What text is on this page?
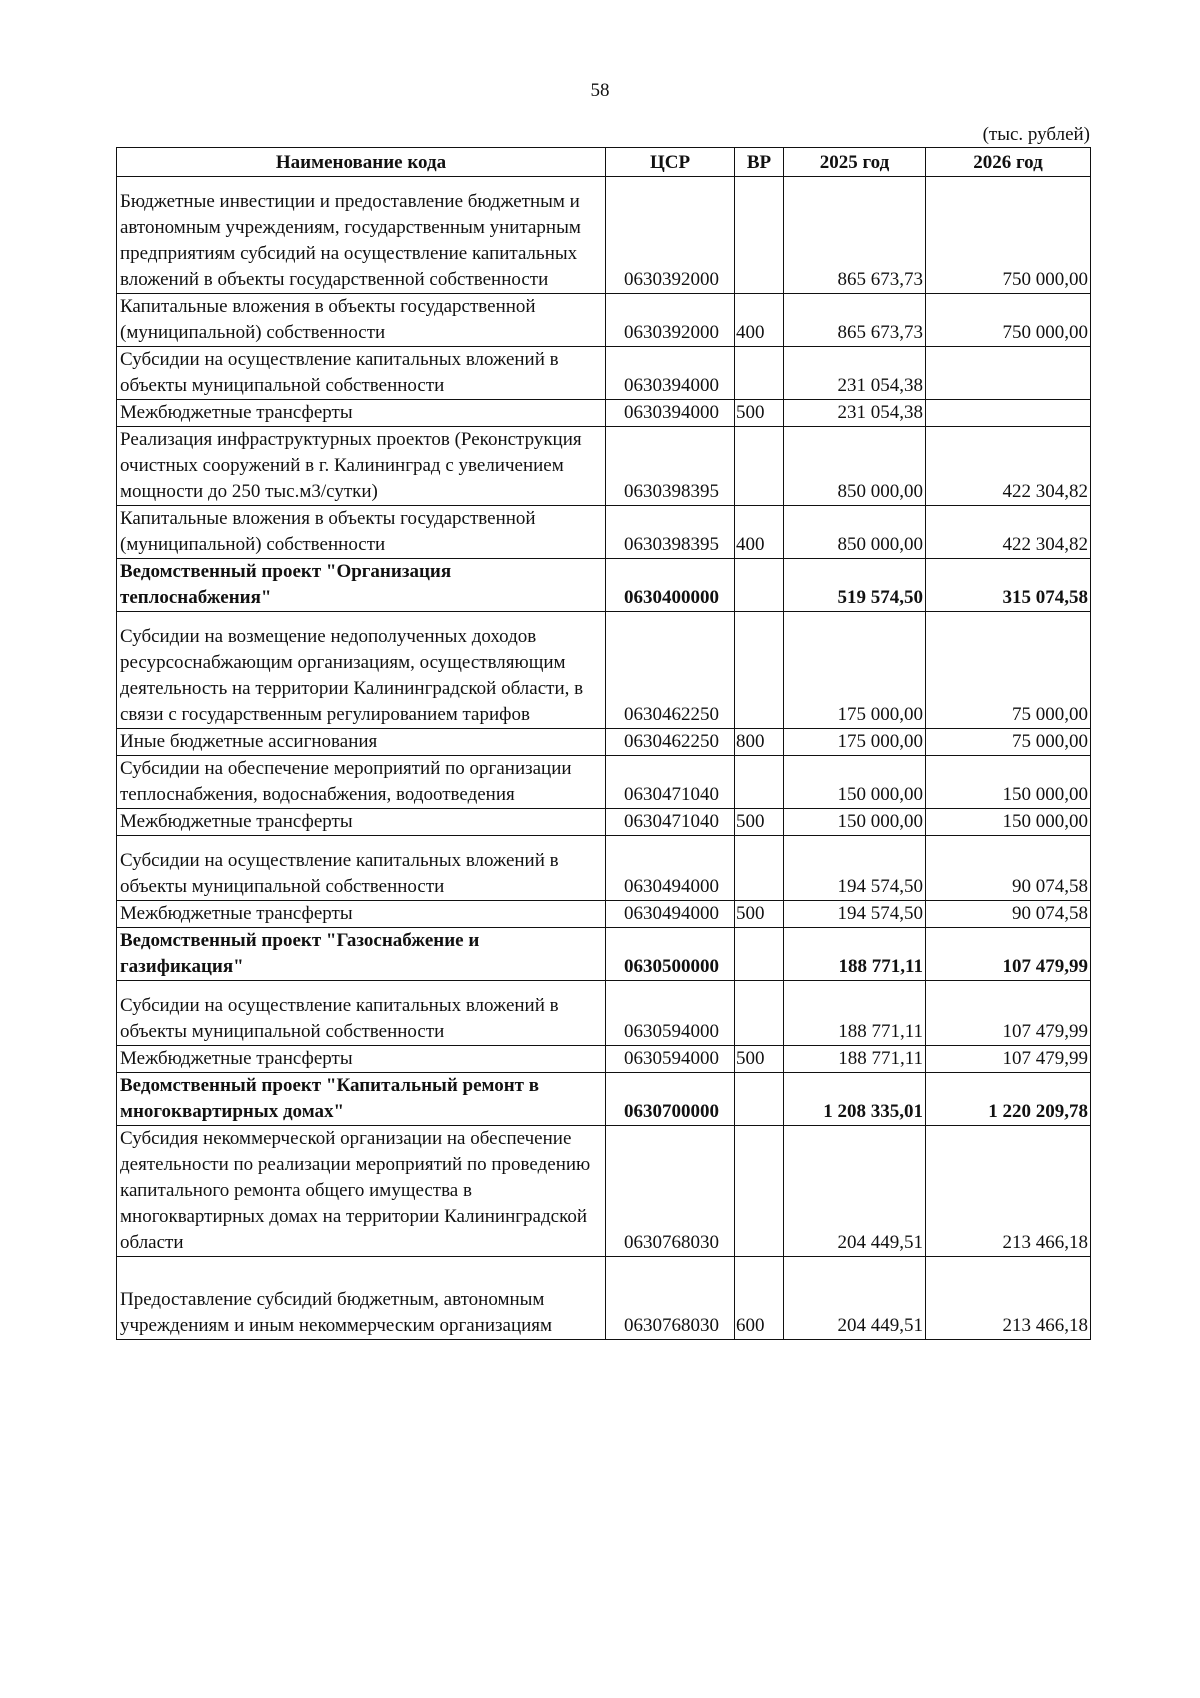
58
(тыс. рублей)
Наименование кода	ЦСР	ВР	2025 год	2026 год
Бюджетные инвестиции и предоставление бюджетным и автономным учреждениям, государственным унитарным предприятиям субсидий на осуществление капитальных вложений в объекты государственной собственности	0630392000		865 673,73	750 000,00
Капитальные вложения в объекты государственной (муниципальной) собственности	0630392000	400	865 673,73	750 000,00
Субсидии на осуществление капитальных вложений в объекты муниципальной собственности	0630394000		231 054,38	
Межбюджетные трансферты	0630394000	500	231 054,38	
Реализация инфраструктурных проектов (Реконструкция очистных сооружений в г. Калининград с увеличением мощности до 250 тыс.м3/сутки)	0630398395		850 000,00	422 304,82
Капитальные вложения в объекты государственной (муниципальной) собственности	0630398395	400	850 000,00	422 304,82
Ведомственный проект "Организация теплоснабжения"	0630400000		519 574,50	315 074,58
Субсидии на возмещение недополученных доходов ресурсоснабжающим организациям, осуществляющим деятельность на территории Калининградской области, в связи с государственным регулированием тарифов	0630462250		175 000,00	75 000,00
Иные бюджетные ассигнования	0630462250	800	175 000,00	75 000,00
Субсидии на обеспечение мероприятий по организации теплоснабжения, водоснабжения, водоотведения	0630471040		150 000,00	150 000,00
Межбюджетные трансферты	0630471040	500	150 000,00	150 000,00
Субсидии на осуществление капитальных вложений в объекты муниципальной собственности	0630494000		194 574,50	90 074,58
Межбюджетные трансферты	0630494000	500	194 574,50	90 074,58
Ведомственный проект "Газоснабжение и газификация"	0630500000		188 771,11	107 479,99
Субсидии на осуществление капитальных вложений в объекты муниципальной собственности	0630594000		188 771,11	107 479,99
Межбюджетные трансферты	0630594000	500	188 771,11	107 479,99
Ведомственный проект "Капитальный ремонт в многоквартирных домах"	0630700000		1 208 335,01	1 220 209,78
Субсидия некоммерческой организации на обеспечение деятельности по реализации мероприятий по проведению капитального ремонта общего имущества в многоквартирных домах на территории Калининградской области	0630768030		204 449,51	213 466,18
Предоставление субсидий бюджетным, автономным учреждениям и иным некоммерческим организациям	0630768030	600	204 449,51	213 466,18
